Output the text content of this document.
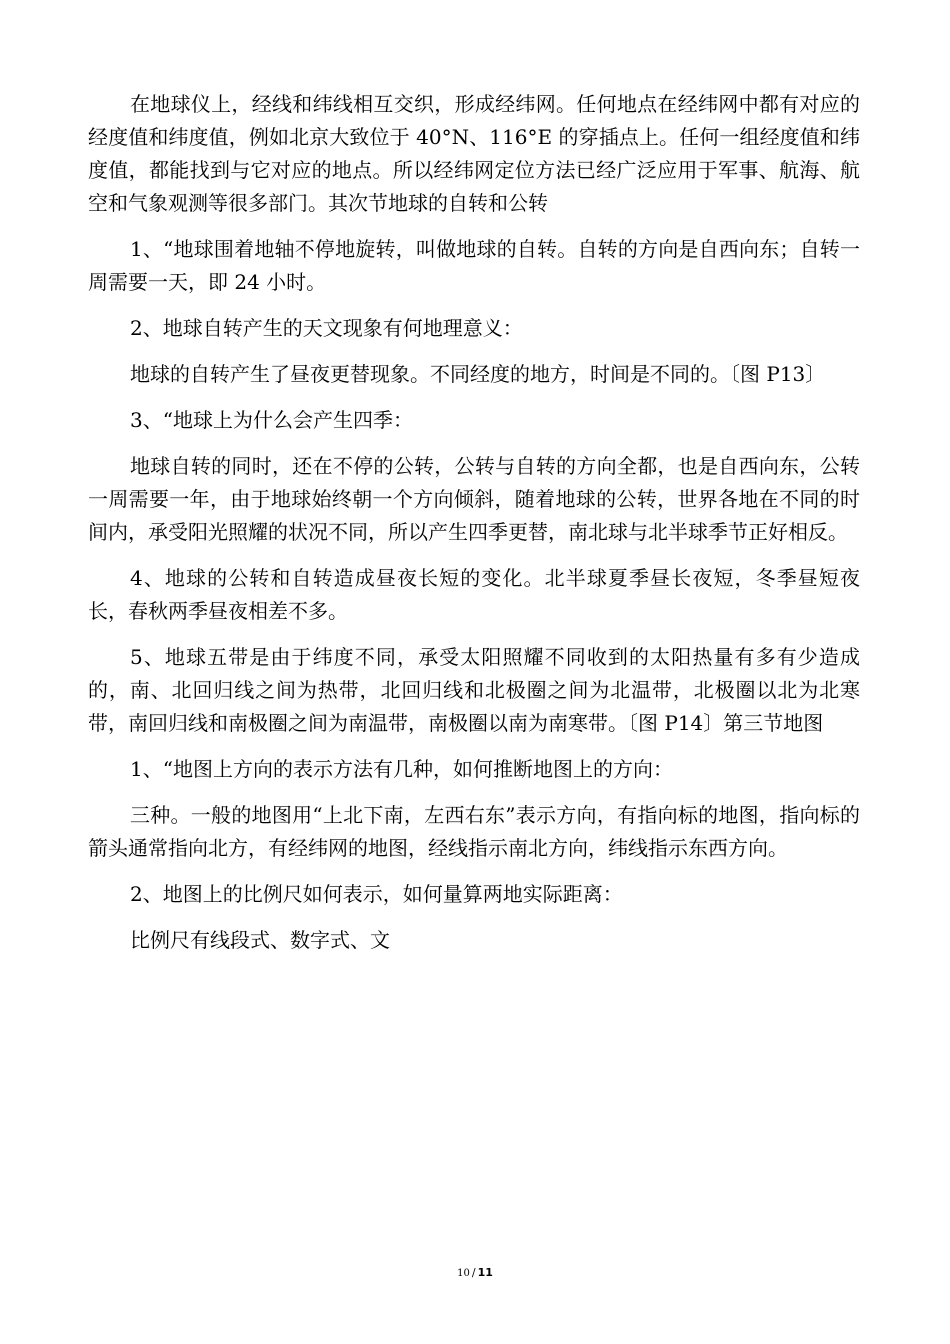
在地球仪上，经线和纬线相互交织，形成经纬网。任何地点在经纬网中都有对应的经度值和纬度值，例如北京大致位于 40°N、116°E 的穿插点上。任何一组经度值和纬度值，都能找到与它对应的地点。所以经纬网定位方法已经广泛应用于军事、航海、航空和气象观测等很多部门。其次节地球的自转和公转

1、“地球围着地轴不停地旋转，叫做地球的自转。自转的方向是自西向东；自转一周需要一天，即 24 小时。

2、地球自转产生的天文现象有何地理意义：

地球的自转产生了昼夜更替现象。不同经度的地方，时间是不同的。〔图 P13〕

3、“地球上为什么会产生四季：

地球自转的同时，还在不停的公转，公转与自转的方向全都，也是自西向东，公转一周需要一年，由于地球始终朝一个方向倾斜，随着地球的公转，世界各地在不同的时间内，承受阳光照耀的状况不同，所以产生四季更替，南北球与北半球季节正好相反。

4、地球的公转和自转造成昼夜长短的变化。北半球夏季昼长夜短，冬季昼短夜长，春秋两季昼夜相差不多。

5、地球五带是由于纬度不同，承受太阳照耀不同收到的太阳热量有多有少造成的，南、北回归线之间为热带，北回归线和北极圈之间为北温带，北极圈以北为北寒带，南回归线和南极圈之间为南温带，南极圈以南为南寒带。〔图 P14〕第三节地图

1、“地图上方向的表示方法有几种，如何推断地图上的方向：

三种。一般的地图用“上北下南，左西右东”表示方向，有指向标的地图，指向标的箭头通常指向北方，有经纬网的地图，经线指示南北方向，纬线指示东西方向。

2、地图上的比例尺如何表示，如何量算两地实际距离：

比例尺有线段式、数字式、文

10 / 11
